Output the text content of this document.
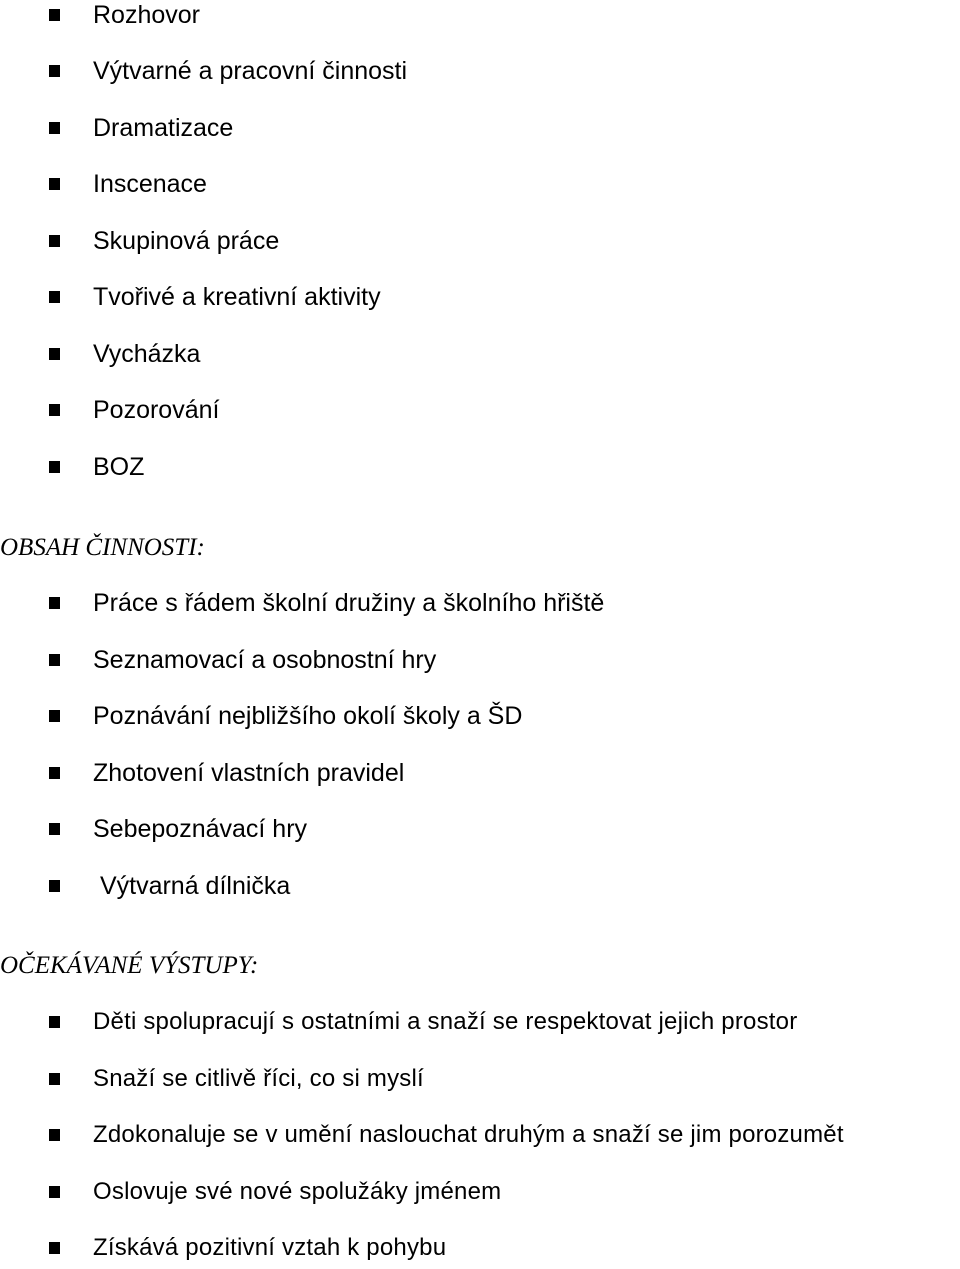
Rozhovor
Výtvarné a pracovní činnosti
Dramatizace
Inscenace
Skupinová práce
Tvořivé a kreativní aktivity
Vycházka
Pozorování
BOZ
OBSAH ČINNOSTI:
Práce s řádem školní družiny a školního hřiště
Seznamovací a osobnostní hry
Poznávání nejbližšího okolí školy a ŠD
Zhotovení vlastních pravidel
Sebepoznávací hry
Výtvarná dílnička
OČEKÁVANÉ VÝSTUPY:
Děti spolupracují s ostatními a snaží se respektovat jejich prostor
Snaží se citlivě říci, co si myslí
Zdokonaluje se v umění naslouchat druhým a snaží se jim porozumět
Oslovuje své nové spolužáky jménem
Získává pozitivní vztah k pohybu
